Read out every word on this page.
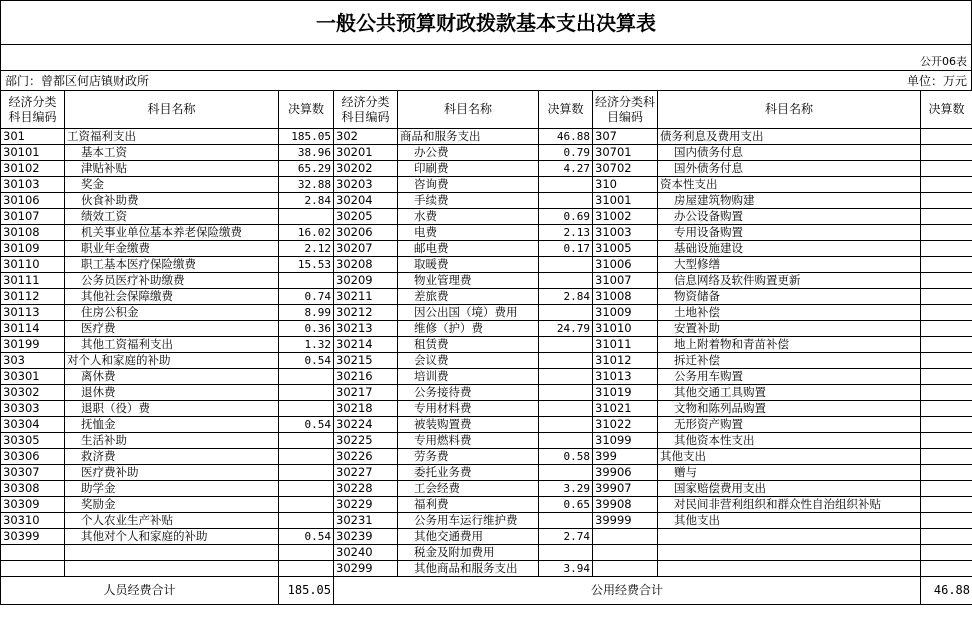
一般公共预算财政拨款基本支出决算表
公开06表
部门：曾都区何店镇财政所	单位：万元
经济分类科目编码	科目名称	决算数	经济分类科目编码	科目名称	决算数	经济分类科目编码	科目名称	决算数
301	工资福利支出	185.05	302	商品和服务支出	46.88	307	债务利息及费用支出	
30101	基本工资	38.96	30201	办公费	0.79	30701	国内债务付息	
30102	津贴补贴	65.29	30202	印刷费	4.27	30702	国外债务付息	
30103	奖金	32.88	30203	咨询费		310	资本性支出	
30106	伙食补助费	2.84	30204	手续费		31001	房屋建筑物购建	
30107	绩效工资		30205	水费	0.69	31002	办公设备购置	
30108	机关事业单位基本养老保险缴费	16.02	30206	电费	2.13	31003	专用设备购置	
30109	职业年金缴费	2.12	30207	邮电费	0.17	31005	基础设施建设	
30110	职工基本医疗保险缴费	15.53	30208	取暖费		31006	大型修缮	
30111	公务员医疗补助缴费		30209	物业管理费		31007	信息网络及软件购置更新	
30112	其他社会保障缴费	0.74	30211	差旅费	2.84	31008	物资储备	
30113	住房公积金	8.99	30212	因公出国（境）费用		31009	土地补偿	
30114	医疗费	0.36	30213	维修（护）费	24.79	31010	安置补助	
30199	其他工资福利支出	1.32	30214	租赁费		31011	地上附着物和青苗补偿	
303	对个人和家庭的补助	0.54	30215	会议费		31012	拆迁补偿	
30301	离休费		30216	培训费		31013	公务用车购置	
30302	退休费		30217	公务接待费		31019	其他交通工具购置	
30303	退职（役）费		30218	专用材料费		31021	文物和陈列品购置	
30304	抚恤金	0.54	30224	被装购置费		31022	无形资产购置	
30305	生活补助		30225	专用燃料费		31099	其他资本性支出	
30306	救济费		30226	劳务费	0.58	399	其他支出	
30307	医疗费补助		30227	委托业务费		39906	赠与	
30308	助学金		30228	工会经费	3.29	39907	国家赔偿费用支出	
30309	奖励金		30229	福利费	0.65	39908	对民间非营利组织和群众性自治组织补贴	
30310	个人农业生产补贴		30231	公务用车运行维护费		39999	其他支出	
30399	其他对个人和家庭的补助	0.54	30239	其他交通费用	2.74			
			30240	税金及附加费用				
			30299	其他商品和服务支出	3.94			
人员经费合计		185.05	公用经费合计					46.88
